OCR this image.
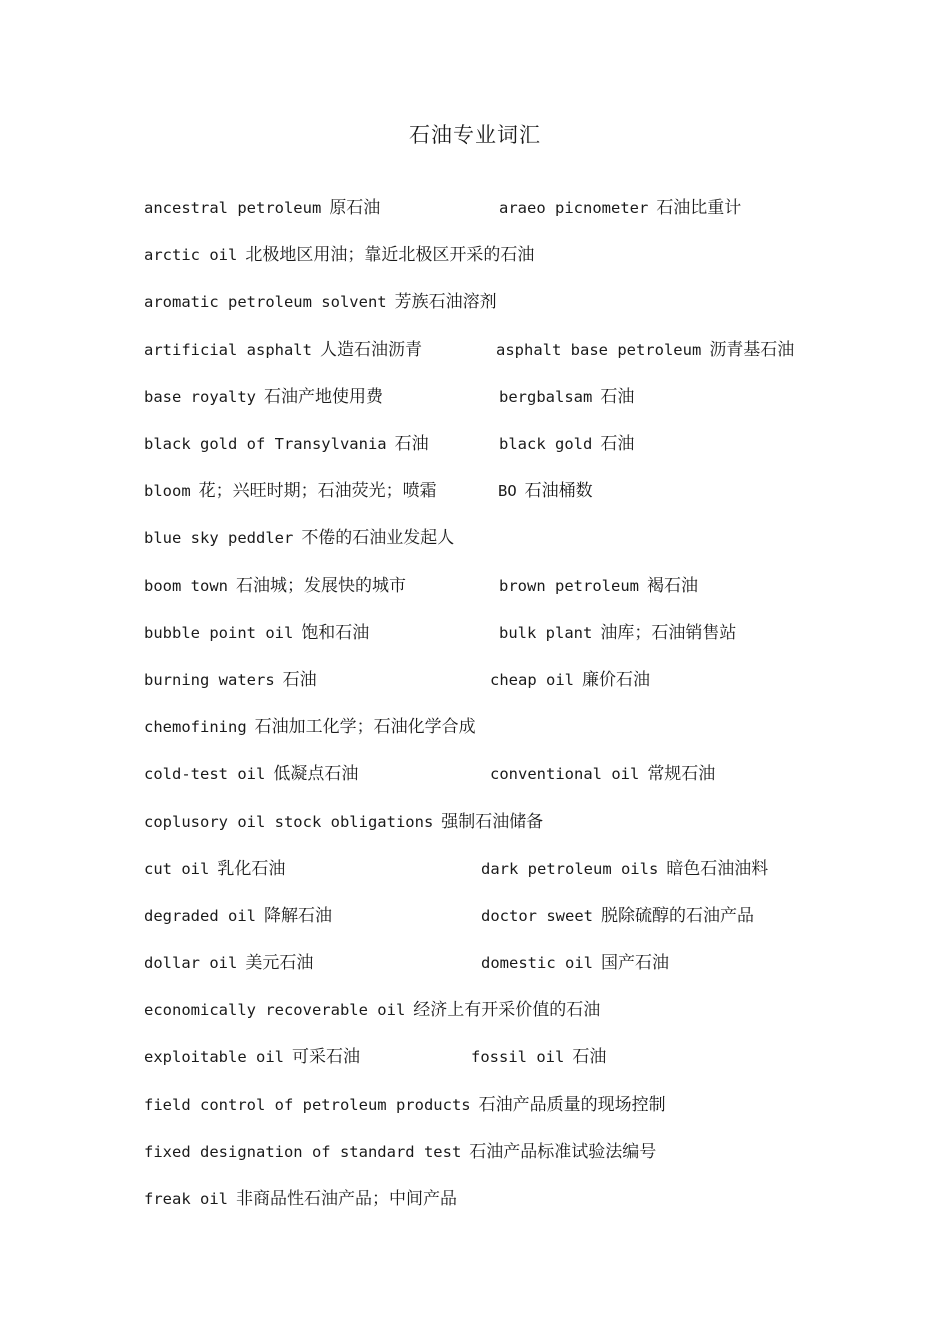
石油专业词汇
ancestral petroleum 原石油	araeo picnometer 石油比重计
arctic oil 北极地区用油；靠近北极区开采的石油
aromatic petroleum solvent 芳族石油溶剂
artificial asphalt 人造石油沥青	asphalt base petroleum 沥青基石油
base royalty 石油产地使用费	bergbalsam 石油
black gold of Transylvania 石油	black gold 石油
bloom 花；兴旺时期；石油荧光；喷霜	BO 石油桶数
blue sky peddler 不倦的石油业发起人
boom town 石油城；发展快的城市	brown petroleum 褐石油
bubble point oil 饱和石油	bulk plant 油库；石油销售站
burning waters 石油	cheap oil 廉价石油
chemofining 石油加工化学；石油化学合成
cold-test oil 低凝点石油	conventional oil 常规石油
coplusory oil stock obligations 强制石油储备
cut oil 乳化石油	dark petroleum oils 暗色石油油料
degraded oil 降解石油	doctor sweet 脱除硫醇的石油产品
dollar oil 美元石油	domestic oil 国产石油
economically recoverable oil 经济上有开采价值的石油
exploitable oil 可采石油	fossil oil 石油
field control of petroleum products 石油产品质量的现场控制
fixed designation of standard test 石油产品标准试验法编号
freak oil 非商品性石油产品；中间产品
